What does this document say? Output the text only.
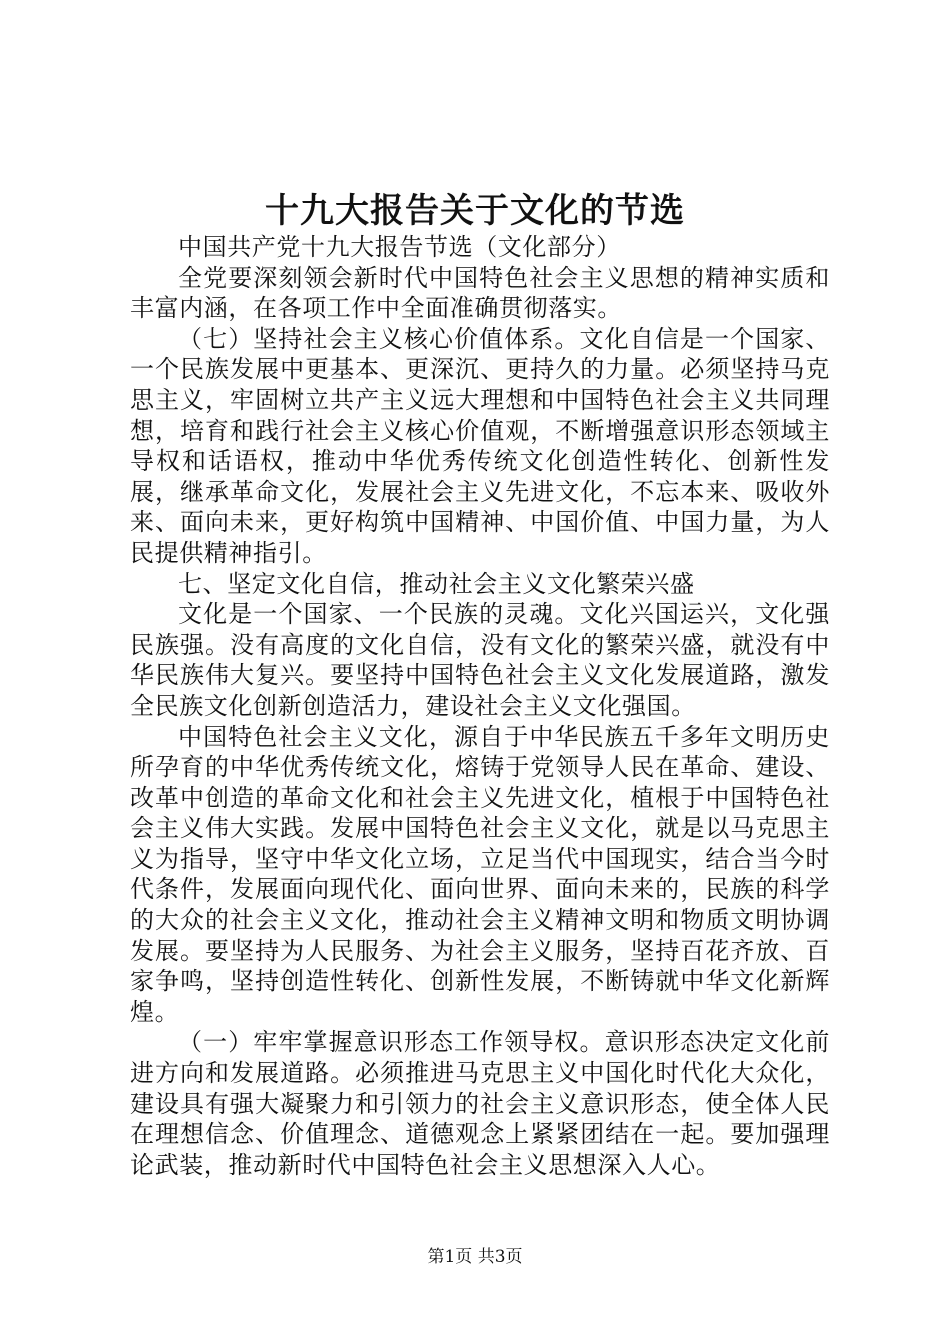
十九大报告关于文化的节选

中国共产党十九大报告节选（文化部分）

全党要深刻领会新时代中国特色社会主义思想的精神实质和丰富内涵，在各项工作中全面准确贯彻落实。

（七）坚持社会主义核心价值体系。文化自信是一个国家、一个民族发展中更基本、更深沉、更持久的力量。必须坚持马克思主义，牢固树立共产主义远大理想和中国特色社会主义共同理想，培育和践行社会主义核心价值观，不断增强意识形态领域主导权和话语权，推动中华优秀传统文化创造性转化、创新性发展，继承革命文化，发展社会主义先进文化，不忘本来、吸收外来、面向未来，更好构筑中国精神、中国价值、中国力量，为人民提供精神指引。

七、坚定文化自信，推动社会主义文化繁荣兴盛

文化是一个国家、一个民族的灵魂。文化兴国运兴，文化强民族强。没有高度的文化自信，没有文化的繁荣兴盛，就没有中华民族伟大复兴。要坚持中国特色社会主义文化发展道路，激发全民族文化创新创造活力，建设社会主义文化强国。

中国特色社会主义文化，源自于中华民族五千多年文明历史所孕育的中华优秀传统文化，熔铸于党领导人民在革命、建设、改革中创造的革命文化和社会主义先进文化，植根于中国特色社会主义伟大实践。发展中国特色社会主义文化，就是以马克思主义为指导，坚守中华文化立场，立足当代中国现实，结合当今时代条件，发展面向现代化、面向世界、面向未来的，民族的科学的大众的社会主义文化，推动社会主义精神文明和物质文明协调发展。要坚持为人民服务、为社会主义服务，坚持百花齐放、百家争鸣，坚持创造性转化、创新性发展，不断铸就中华文化新辉煌。

（一）牢牢掌握意识形态工作领导权。意识形态决定文化前进方向和发展道路。必须推进马克思主义中国化时代化大众化，建设具有强大凝聚力和引领力的社会主义意识形态，使全体人民在理想信念、价值理念、道德观念上紧紧团结在一起。要加强理论武装，推动新时代中国特色社会主义思想深入人心。

第1页 共3页
